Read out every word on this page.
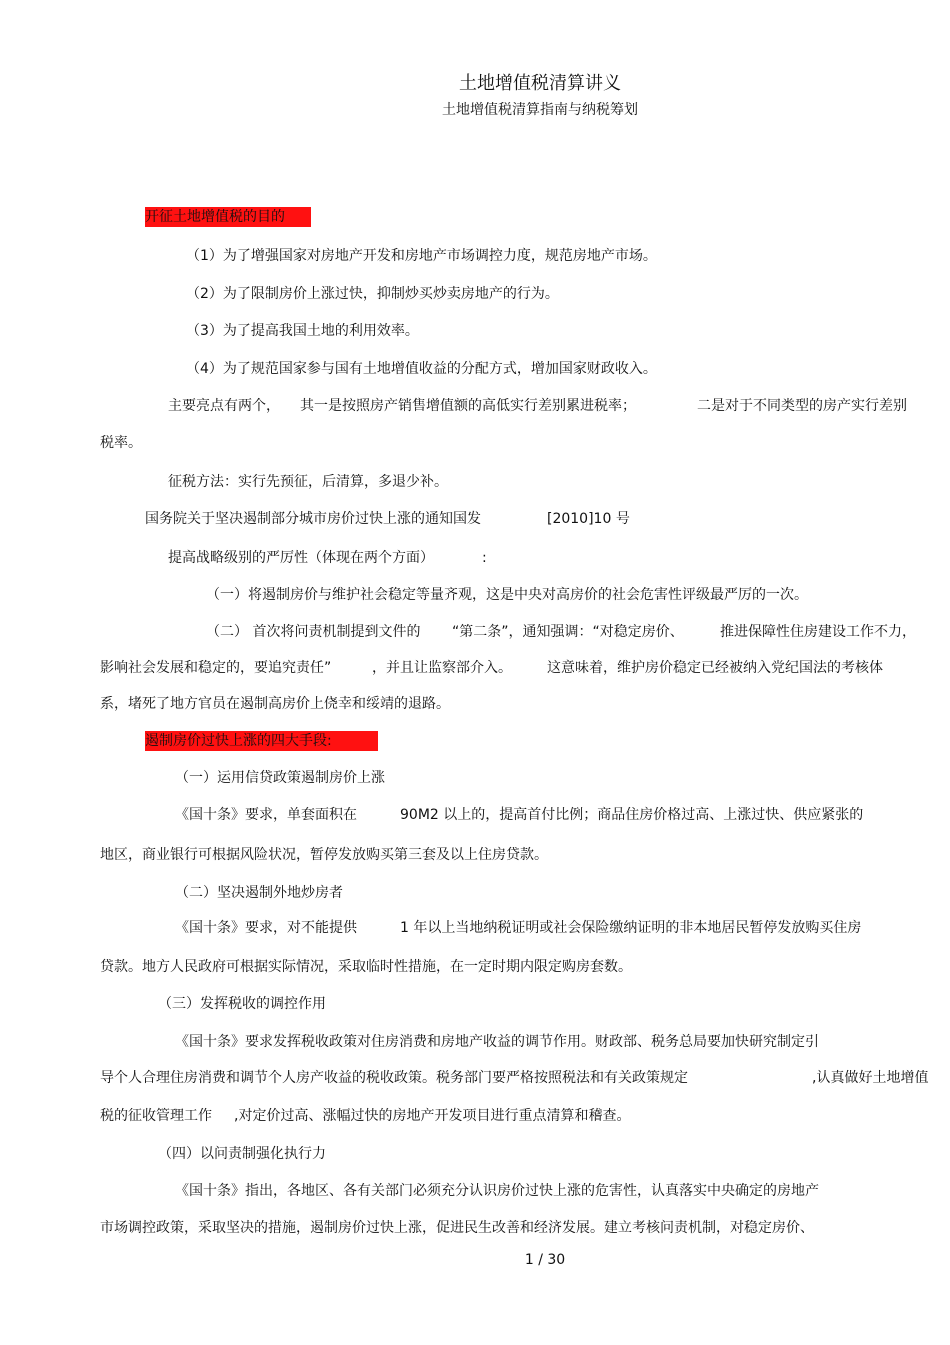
土地增值税清算讲义
土地增值税清算指南与纳税筹划
开征土地增值税的目的
（1）为了增强国家对房地产开发和房地产市场调控力度，规范房地产市场。
（2）为了限制房价上涨过快，抑制炒买炒卖房地产的行为。
（3）为了提高我国土地的利用效率。
（4）为了规范国家参与国有土地增值收益的分配方式，增加国家财政收入。
主要亮点有两个， 其一是按照房产销售增值额的高低实行差别累进税率；	二是对于不同类型的房产实行差别
税率。
征税方法：实行先预征，后清算，多退少补。
国务院关于坚决遏制部分城市房价过快上涨的通知国发	[2010]10 号
提高战略级别的严厉性（体现在两个方面）	:
（一）将遏制房价与维护社会稳定等量齐观，这是中央对高房价的社会危害性评级最严厉的一次。
（二） 首次将问责机制提到文件的 “第二条”，通知强调：“对稳定房价、	推进保障性住房建设工作不力，
影响社会发展和稳定的，要追究责任”	，并且让监察部介入。	这意味着，维护房价稳定已经被纳入党纪国法的考核体
系，堵死了地方官员在遏制高房价上侥幸和绥靖的退路。
遏制房价过快上涨的四大手段:
（一）运用信贷政策遏制房价上涨
《国十条》要求，单套面积在	90M2 以上的，提高首付比例；商品住房价格过高、上涨过快、供应紧张的
地区，商业银行可根据风险状况，暂停发放购买第三套及以上住房贷款。
（二）坚决遏制外地炒房者
《国十条》要求，对不能提供	1 年以上当地纳税证明或社会保险缴纳证明的非本地居民暂停发放购买住房
贷款。地方人民政府可根据实际情况，采取临时性措施，在一定时期内限定购房套数。
（三）发挥税收的调控作用
《国十条》要求发挥税收政策对住房消费和房地产收益的调节作用。财政部、税务总局要加快研究制定引
导个人合理住房消费和调节个人房产收益的税收政策。税务部门要严格按照税法和有关政策规定	,认真做好土地增值
税的征收管理工作 ,对定价过高、涨幅过快的房地产开发项目进行重点清算和稽查。
（四）以问责制强化执行力
《国十条》指出，各地区、各有关部门必须充分认识房价过快上涨的危害性，认真落实中央确定的房地产
市场调控政策，采取坚决的措施，遏制房价过快上涨，促进民生改善和经济发展。建立考核问责机制，对稳定房价、
1 / 30
